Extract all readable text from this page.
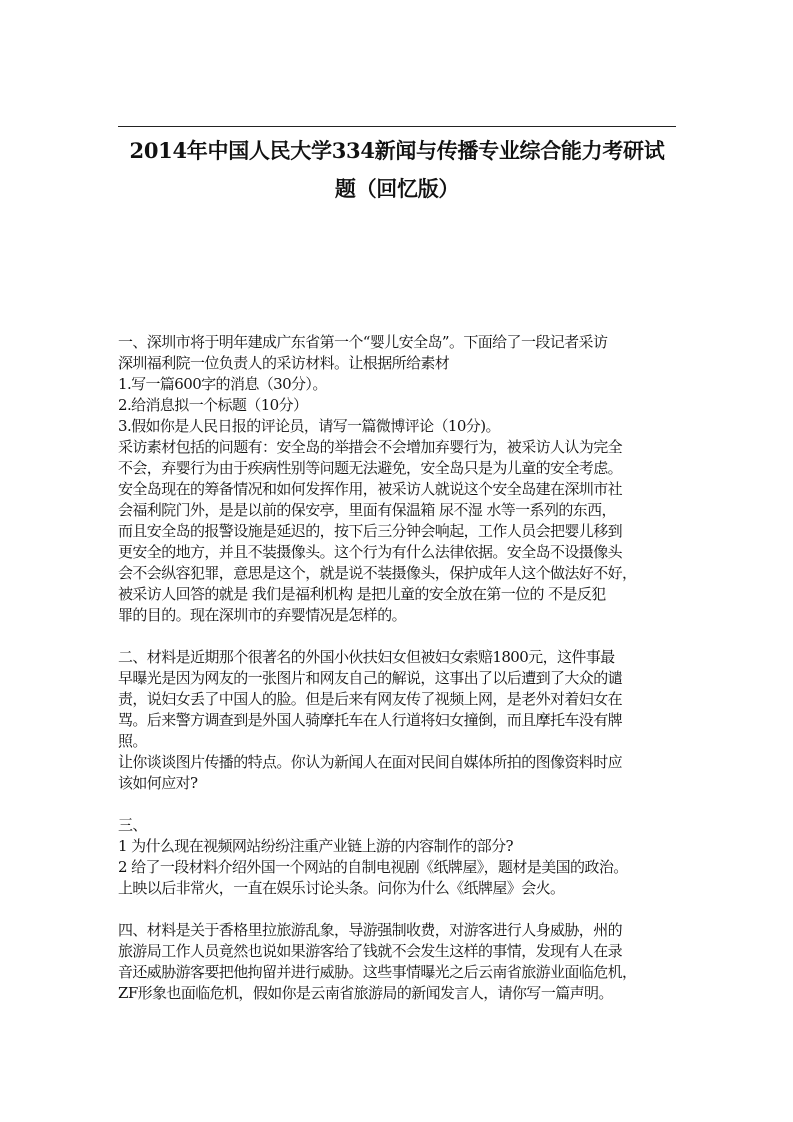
2014年中国人民大学334新闻与传播专业综合能力考研试
题（回忆版）
一、深圳市将于明年建成广东省第一个“婴儿安全岛”。下面给了一段记者采访
深圳福利院一位负责人的采访材料。让根据所给素材
1.写一篇600字的消息（30分）。
2.给消息拟一个标题（10分）
3.假如你是人民日报的评论员，请写一篇微博评论（10分)。
采访素材包括的问题有：安全岛的举措会不会增加弃婴行为，被采访人认为完全
不会，弃婴行为由于疾病性别等问题无法避免，安全岛只是为儿童的安全考虑。
安全岛现在的筹备情况和如何发挥作用，被采访人就说这个安全岛建在深圳市社
会福利院门外，是是以前的保安亭，里面有保温箱 尿不湿 水等一系列的东西，
而且安全岛的报警设施是延迟的，按下后三分钟会响起，工作人员会把婴儿移到
更安全的地方，并且不装摄像头。这个行为有什么法律依据。安全岛不设摄像头
会不会纵容犯罪，意思是这个，就是说不装摄像头，保护成年人这个做法好不好，
被采访人回答的就是 我们是福利机构 是把儿童的安全放在第一位的 不是反犯
罪的目的。现在深圳市的弃婴情况是怎样的。
二、材料是近期那个很著名的外国小伙扶妇女但被妇女索赔1800元，这件事最
早曝光是因为网友的一张图片和网友自己的解说，这事出了以后遭到了大众的谴
责，说妇女丢了中国人的脸。但是后来有网友传了视频上网，是老外对着妇女在
骂。后来警方调查到是外国人骑摩托车在人行道将妇女撞倒，而且摩托车没有牌
照。
让你谈谈图片传播的特点。你认为新闻人在面对民间自媒体所拍的图像资料时应
该如何应对?
三、
1 为什么现在视频网站纷纷注重产业链上游的内容制作的部分?
2 给了一段材料介绍外国一个网站的自制电视剧《纸牌屋》，题材是美国的政治。
上映以后非常火，一直在娱乐讨论头条。问你为什么《纸牌屋》会火。
四、材料是关于香格里拉旅游乱象，导游强制收费，对游客进行人身威胁，州的
旅游局工作人员竟然也说如果游客给了钱就不会发生这样的事情，发现有人在录
音还威胁游客要把他拘留并进行威胁。这些事情曝光之后云南省旅游业面临危机，
ZF形象也面临危机，假如你是云南省旅游局的新闻发言人，请你写一篇声明。
